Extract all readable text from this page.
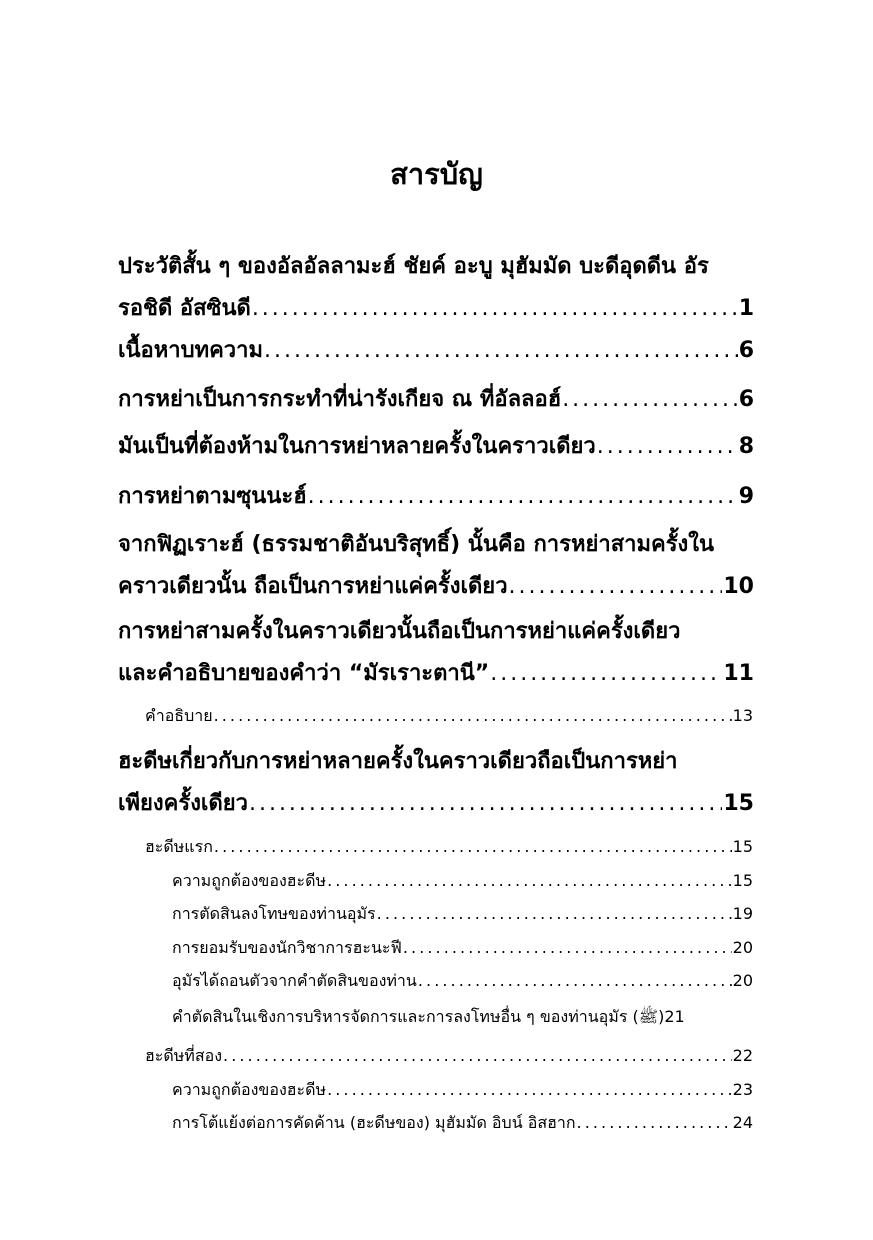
สารบัญ
ประวัติสั้น ๆ ของอัลอัลลามะฮ์ ชัยค์ อะบู มุฮัมมัด บะดีอุดดีน อัร
รอชิดี อัสซินดี . . .	1
เนื้อหาบทความ . . .	6
การหย่าเป็นการกระทำที่น่ารังเกียจ ณ ที่อัลลอฮ์ . . .	6
มันเป็นที่ต้องห้ามในการหย่าหลายครั้งในคราวเดียว . . .	8
การหย่าตามซุนนะฮ์ . . .	9
จากฟิฏเราะฮ์ (ธรรมชาติอันบริสุทธิ์) นั้นคือ การหย่าสามครั้งใน
คราวเดียวนั้น ถือเป็นการหย่าแค่ครั้งเดียว . . .	10
การหย่าสามครั้งในคราวเดียวนั้นถือเป็นการหย่าแค่ครั้งเดียว
และคำอธิบายของคำว่า “มัรเราะตานี” . . .	11
คำอธิบาย . . .	13
ฮะดีษเกี่ยวกับการหย่าหลายครั้งในคราวเดียวถือเป็นการหย่า
เพียงครั้งเดียว . . .	15
ฮะดีษแรก . . .	15
ความถูกต้องของฮะดีษ . . .	15
การตัดสินลงโทษของท่านอุมัร . . .	19
การยอมรับของนักวิชาการฮะนะฟี . . .	20
อุมัรได้ถอนตัวจากคำตัดสินของท่าน . . .	20
คำตัดสินในเชิงการบริหารจัดการและการลงโทษอื่น ๆ ของท่านอุมัร (ﷺ) 21
ฮะดีษที่สอง . . .	22
ความถูกต้องของฮะดีษ . . .	23
การโต้แย้งต่อการคัดค้าน (ฮะดีษของ) มุฮัมมัด อิบน์ อิสฮาก . . .	24
